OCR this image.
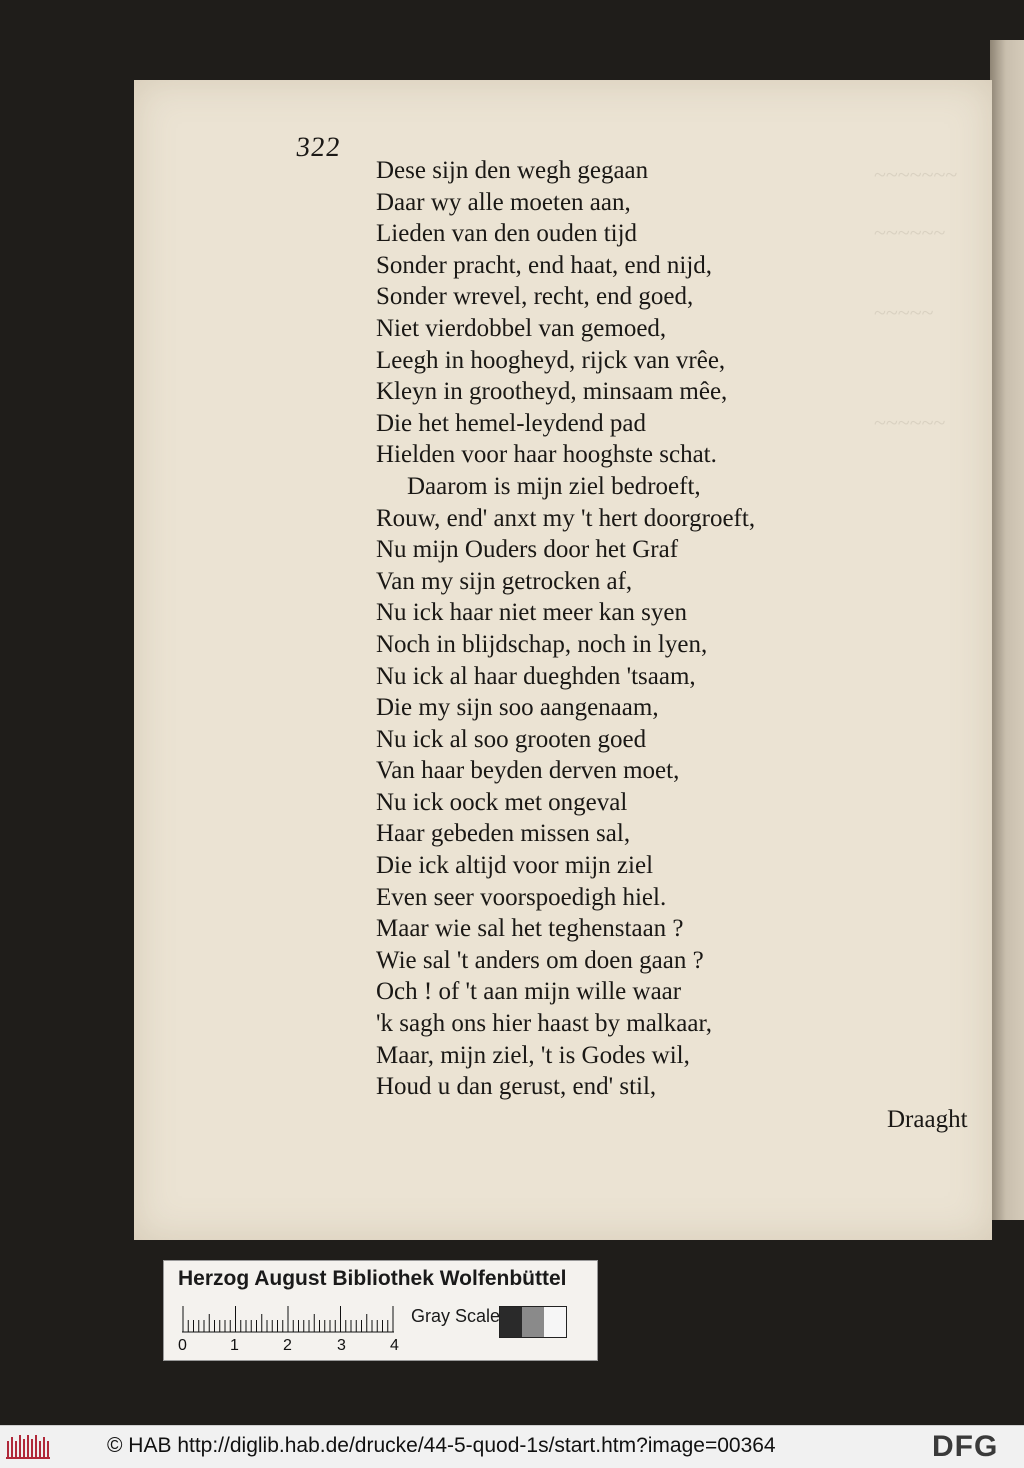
~~~~~~~
~~~~~~
~~~~~
~~~~~~
322
Dese sijn den wegh gegaan
Daar wy alle moeten aan,
Lieden van den ouden tijd
Sonder pracht, end haat, end nijd,
Sonder wrevel, recht, end goed,
Niet vierdobbel van gemoed,
Leegh in hoogheyd, rijck van vrêe,
Kleyn in grootheyd, minsaam mêe,
Die het hemel-leydend pad
Hielden voor haar hooghste schat.
Daarom is mijn ziel bedroeft,
Rouw, end' anxt my 't hert doorgroeft,
Nu mijn Ouders door het Graf
Van my sijn getrocken af,
Nu ick haar niet meer kan syen
Noch in blijdschap, noch in lyen,
Nu ick al haar dueghden 'tsaam,
Die my sijn soo aangenaam,
Nu ick al soo grooten goed
Van haar beyden derven moet,
Nu ick oock met ongeval
Haar gebeden missen sal,
Die ick altijd voor mijn ziel
Even seer voorspoedigh hiel.
Maar wie sal het teghenstaan ?
Wie sal 't anders om doen gaan ?
Och ! of 't aan mijn wille waar
'k sagh ons hier haast by malkaar,
Maar, mijn ziel, 't is Godes wil,
Houd u dan gerust, end' stil,
Draaght
Herzog August Bibliothek Wolfenbüttel
0	1	2	3	4
Gray Scale
© HAB http://diglib.hab.de/drucke/44-5-quod-1s/start.htm?image=00364	DFG
